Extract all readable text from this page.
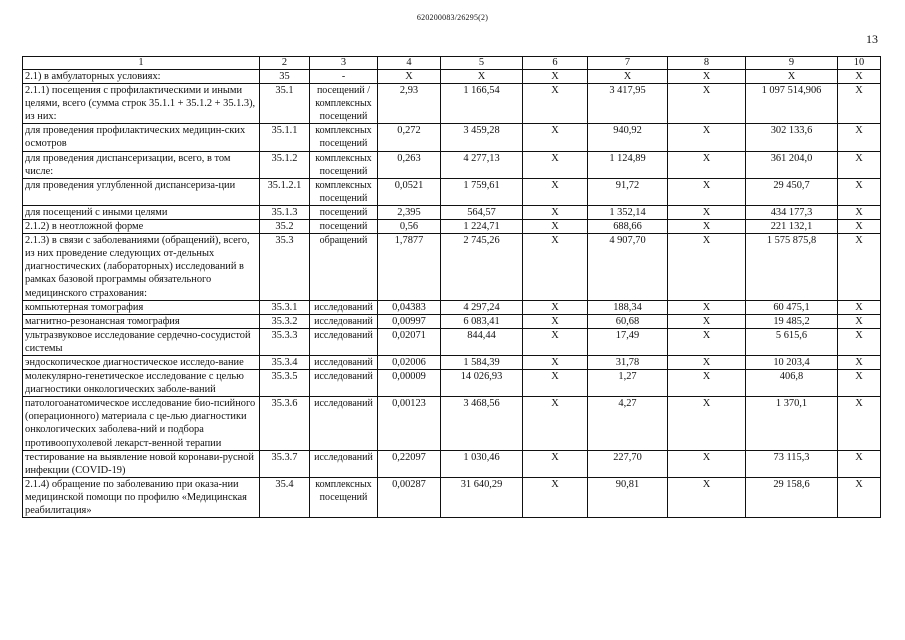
620200083/26295(2)
13
1	2	3	4	5	6	7	8	9	10
2.1) в амбулаторных условиях:	35	-	X	X	X	X	X	X	X
2.1.1) посещения с профилактическими и иными целями, всего (сумма строк 35.1.1 + 35.1.2 + 35.1.3), из них:	35.1	посещений / комплексных посещений	2,93	1 166,54	X	3 417,95	X	1 097 514,906	X
для проведения профилактических медицин-ских осмотров	35.1.1	комплексных посещений	0,272	3 459,28	X	940,92	X	302 133,6	X
для проведения диспансеризации, всего, в том числе:	35.1.2	комплексных посещений	0,263	4 277,13	X	1 124,89	X	361 204,0	X
для проведения углубленной диспансериза-ции	35.1.2.1	комплексных посещений	0,0521	1 759,61	X	91,72	X	29 450,7	X
для посещений с иными целями	35.1.3	посещений	2,395	564,57	X	1 352,14	X	434 177,3	X
2.1.2) в неотложной форме	35.2	посещений	0,56	1 224,71	X	688,66	X	221 132,1	X
2.1.3) в связи с заболеваниями (обращений), всего, из них проведение следующих от-дельных диагностических (лабораторных) исследований в рамках базовой программы обязательного медицинского страхования:	35.3	обращений	1,7877	2 745,26	X	4 907,70	X	1 575 875,8	X
компьютерная томография	35.3.1	исследований	0,04383	4 297,24	X	188,34	X	60 475,1	X
магнитно-резонансная томография	35.3.2	исследований	0,00997	6 083,41	X	60,68	X	19 485,2	X
ультразвуковое исследование сердечно-сосудистой системы	35.3.3	исследований	0,02071	844,44	X	17,49	X	5 615,6	X
эндоскопическое диагностическое исследо-вание	35.3.4	исследований	0,02006	1 584,39	X	31,78	X	10 203,4	X
молекулярно-генетическое исследование с целью диагностики онкологических заболе-ваний	35.3.5	исследований	0,00009	14 026,93	X	1,27	X	406,8	X
патологоанатомическое исследование био-псийного (операционного) материала с це-лью диагностики онкологических заболева-ний и подбора противоопухолевой лекарст-венной терапии	35.3.6	исследований	0,00123	3 468,56	X	4,27	X	1 370,1	X
тестирование на выявление новой коронави-русной инфекции (COVID-19)	35.3.7	исследований	0,22097	1 030,46	X	227,70	X	73 115,3	X
2.1.4) обращение по заболеванию при оказа-нии медицинской помощи по профилю «Медицинская реабилитация»	35.4	комплексных посещений	0,00287	31 640,29	X	90,81	X	29 158,6	X
